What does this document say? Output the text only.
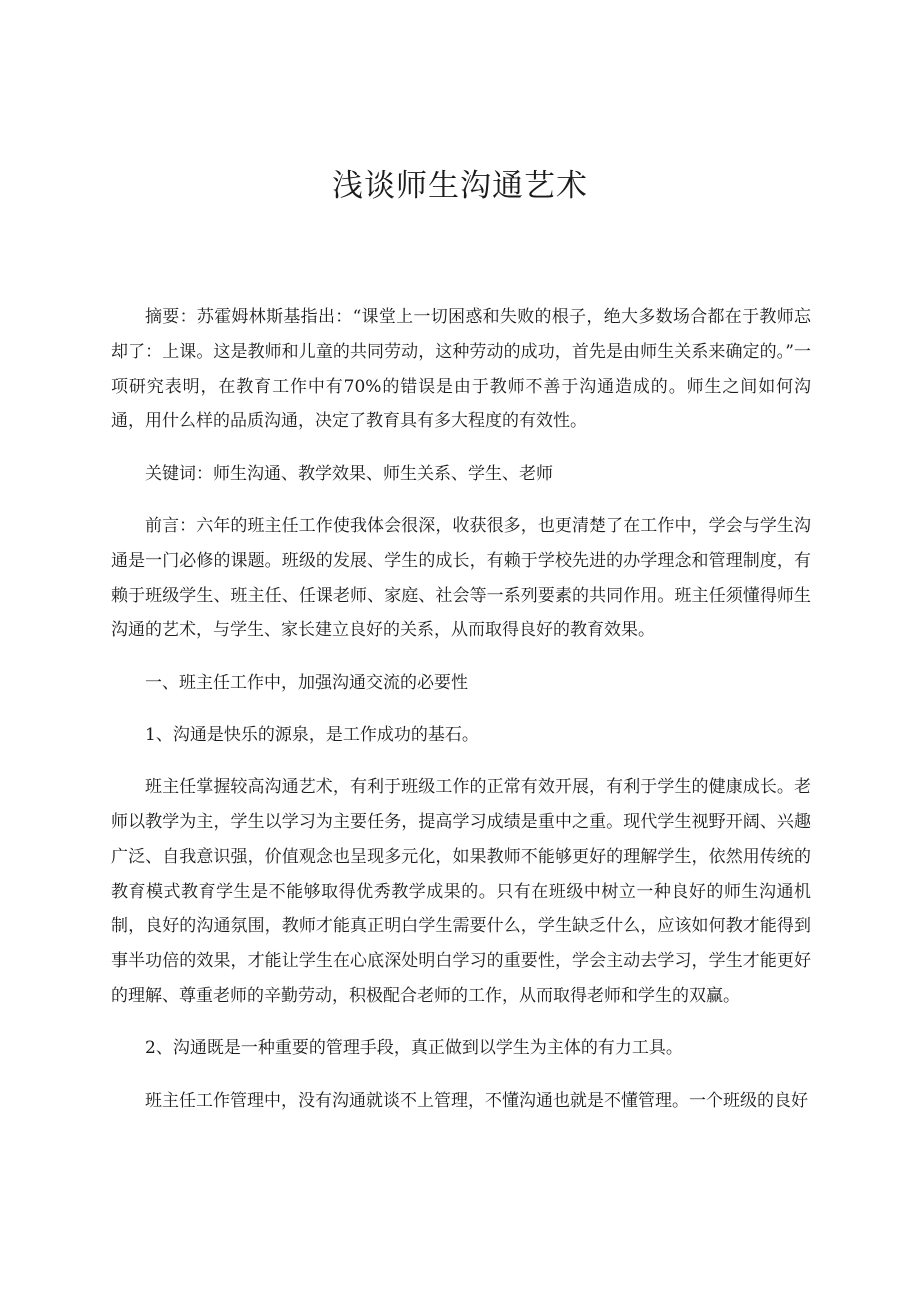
浅谈师生沟通艺术

摘要：苏霍姆林斯基指出：“课堂上一切困惑和失败的根子，绝大多数场合都在于教师忘却了：上课。这是教师和儿童的共同劳动，这种劳动的成功，首先是由师生关系来确定的。”一项研究表明，在教育工作中有70%的错误是由于教师不善于沟通造成的。师生之间如何沟通，用什么样的品质沟通，决定了教育具有多大程度的有效性。

关键词：师生沟通、教学效果、师生关系、学生、老师

前言：六年的班主任工作使我体会很深，收获很多，也更清楚了在工作中，学会与学生沟通是一门必修的课题。班级的发展、学生的成长，有赖于学校先进的办学理念和管理制度，有赖于班级学生、班主任、任课老师、家庭、社会等一系列要素的共同作用。班主任须懂得师生沟通的艺术，与学生、家长建立良好的关系，从而取得良好的教育效果。

一、班主任工作中，加强沟通交流的必要性

1、沟通是快乐的源泉，是工作成功的基石。

班主任掌握较高沟通艺术，有利于班级工作的正常有效开展，有利于学生的健康成长。老师以教学为主，学生以学习为主要任务，提高学习成绩是重中之重。现代学生视野开阔、兴趣广泛、自我意识强，价值观念也呈现多元化，如果教师不能够更好的理解学生，依然用传统的教育模式教育学生是不能够取得优秀教学成果的。只有在班级中树立一种良好的师生沟通机制，良好的沟通氛围，教师才能真正明白学生需要什么，学生缺乏什么，应该如何教才能得到事半功倍的效果，才能让学生在心底深处明白学习的重要性，学会主动去学习，学生才能更好的理解、尊重老师的辛勤劳动，积极配合老师的工作，从而取得老师和学生的双赢。

2、沟通既是一种重要的管理手段，真正做到以学生为主体的有力工具。

班主任工作管理中，没有沟通就谈不上管理，不懂沟通也就是不懂管理。一个班级的良好
